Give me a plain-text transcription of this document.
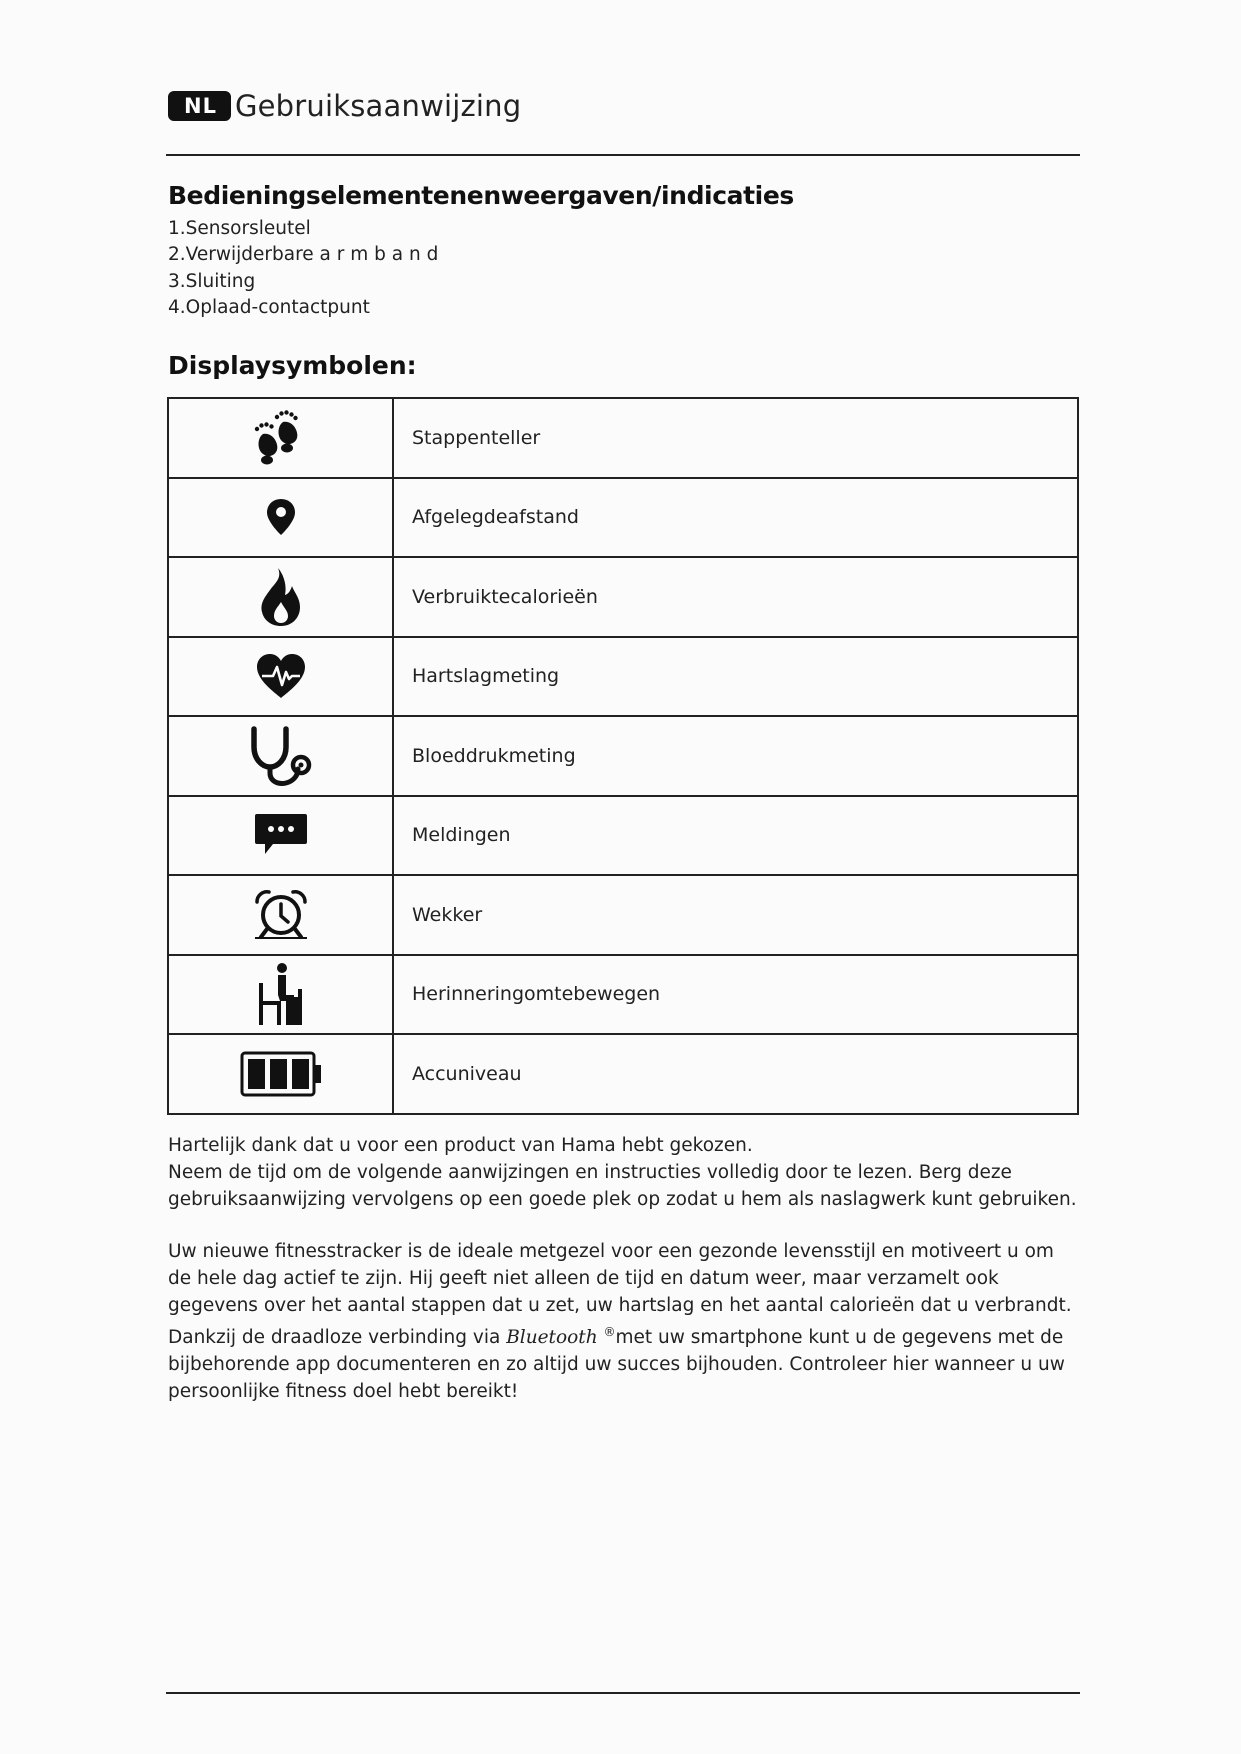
NL Gebruiksaanwijzing
Bedieningselementenenweergaven/indicaties
1.Sensorsleutel
2.Verwijderbare a r m b a n d
3.Sluiting
4.Oplaad-contactpunt
Displaysymbolen:
	Stappenteller
	Afgelegdeafstand
	Verbruiktecalorieën
	Hartslagmeting
	Bloeddrukmeting
	Meldingen
	Wekker
	Herinneringomtebewegen
	Accuniveau

Hartelijk dank dat u voor een product van Hama hebt gekozen.

Neem de tijd om de volgende aanwijzingen en instructies volledig door te lezen. Berg deze gebruiksaanwijzing vervolgens op een goede plek op zodat u hem als naslagwerk kunt gebruiken.

Uw nieuwe fitnesstracker is de ideale metgezel voor een gezonde levensstijl en motiveert u om de hele dag actief te zijn. Hij geeft niet alleen de tijd en datum weer, maar verzamelt ook gegevens over het aantal stappen dat u zet, uw hartslag en het aantal calorieën dat u verbrandt. Dankzij de draadloze verbinding via Bluetooth ®met uw smartphone kunt u de gegevens met de bijbehorende app documenteren en zo altijd uw succes bijhouden. Controleer hier wanneer u uw persoonlijke fitness doel hebt bereikt!
